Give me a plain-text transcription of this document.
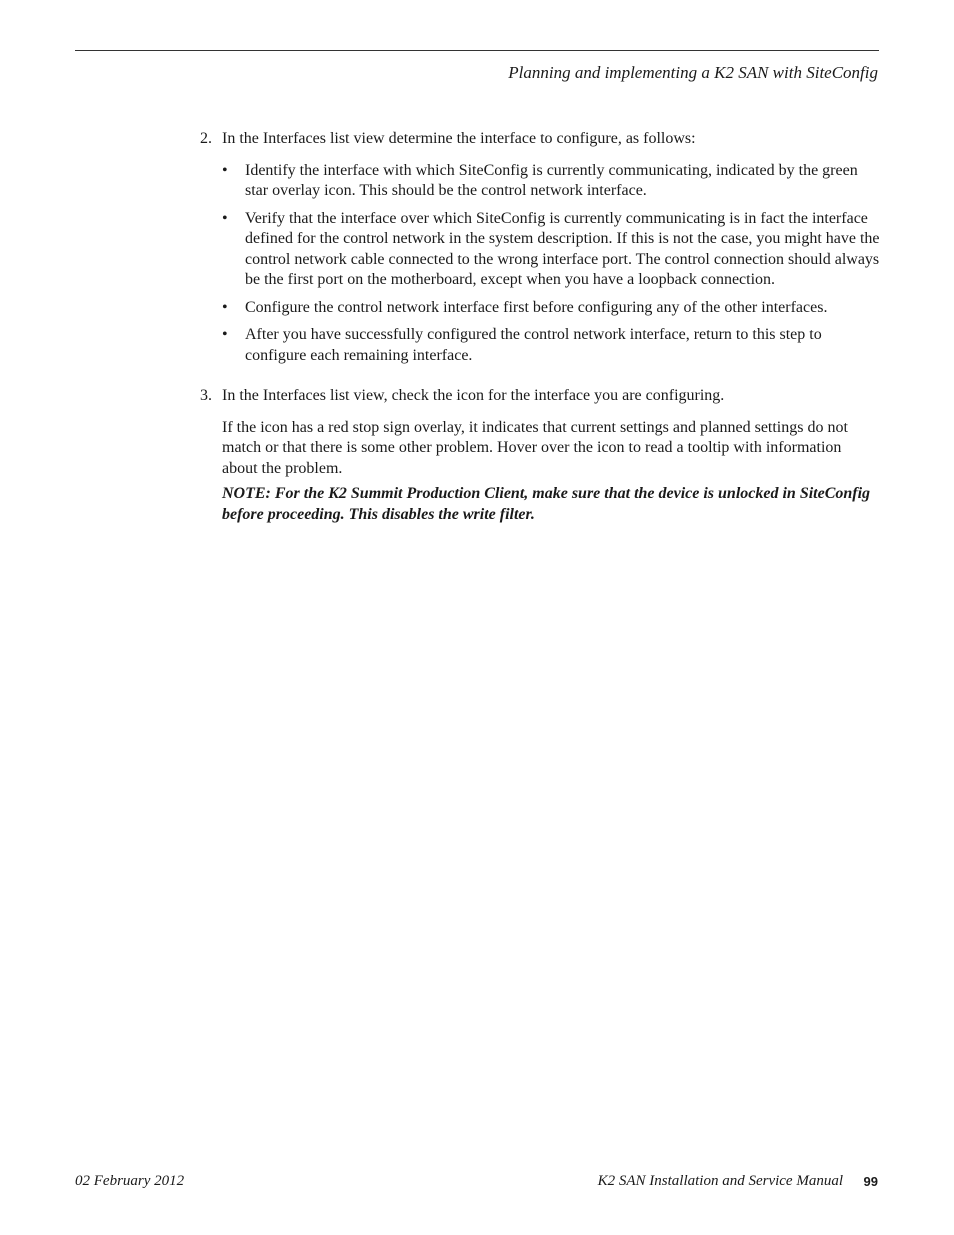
Planning and implementing a K2 SAN with SiteConfig
2. In the Interfaces list view determine the interface to configure, as follows:

• Identify the interface with which SiteConfig is currently communicating, indicated by the green star overlay icon. This should be the control network interface.
• Verify that the interface over which SiteConfig is currently communicating is in fact the interface defined for the control network in the system description. If this is not the case, you might have the control network cable connected to the wrong interface port. The control connection should always be the first port on the motherboard, except when you have a loopback connection.
• Configure the control network interface first before configuring any of the other interfaces.
• After you have successfully configured the control network interface, return to this step to configure each remaining interface.
3. In the Interfaces list view, check the icon for the interface you are configuring.

If the icon has a red stop sign overlay, it indicates that current settings and planned settings do not match or that there is some other problem. Hover over the icon to read a tooltip with information about the problem.

NOTE: For the K2 Summit Production Client, make sure that the device is unlocked in SiteConfig before proceeding. This disables the write filter.

02 February 2012	K2 SAN Installation and Service Manual 99
